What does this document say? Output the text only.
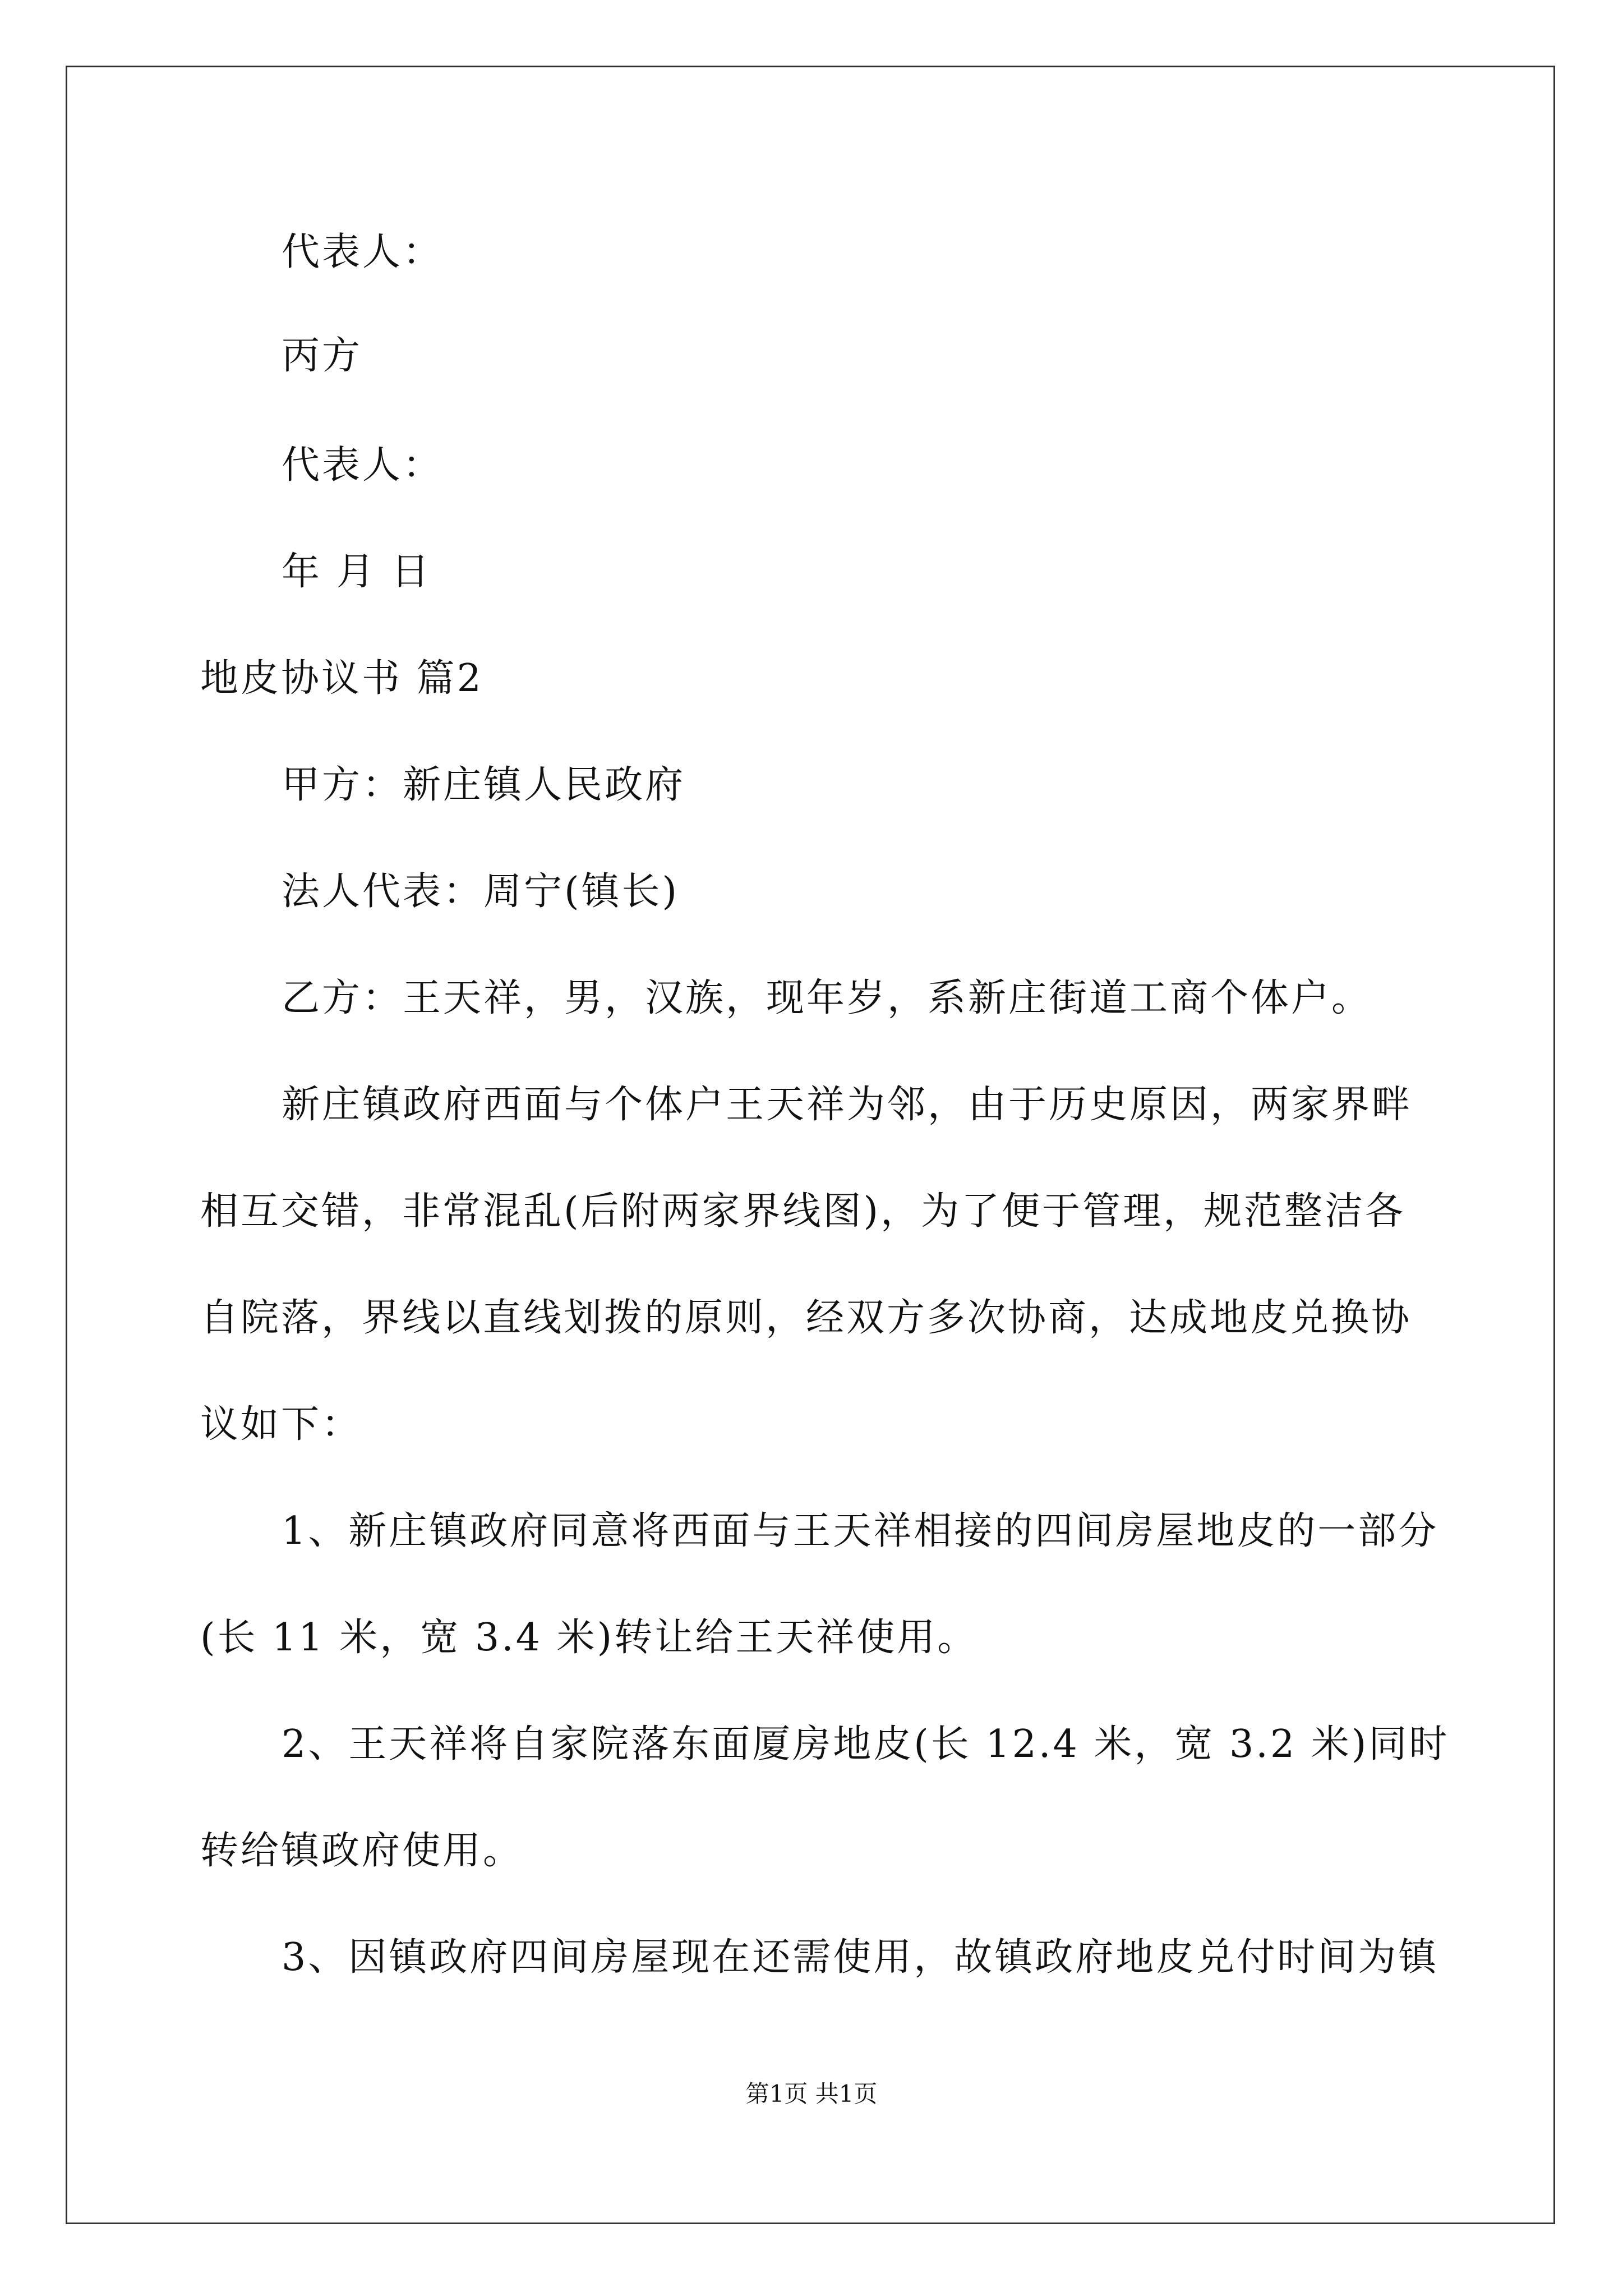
代表人：
丙方
代表人：
年 月 日
地皮协议书 篇2
甲方：新庄镇人民政府
法人代表：周宁(镇长)
乙方：王天祥，男，汉族，现年岁，系新庄街道工商个体户。
新庄镇政府西面与个体户王天祥为邻，由于历史原因，两家界畔
相互交错，非常混乱(后附两家界线图)，为了便于管理，规范整洁各
自院落，界线以直线划拨的原则，经双方多次协商，达成地皮兑换协
议如下：
1、新庄镇政府同意将西面与王天祥相接的四间房屋地皮的一部分
(长 11 米，宽 3.4 米)转让给王天祥使用。
2、王天祥将自家院落东面厦房地皮(长 12.4 米，宽 3.2 米)同时
转给镇政府使用。
3、因镇政府四间房屋现在还需使用，故镇政府地皮兑付时间为镇
第1页 共1页
